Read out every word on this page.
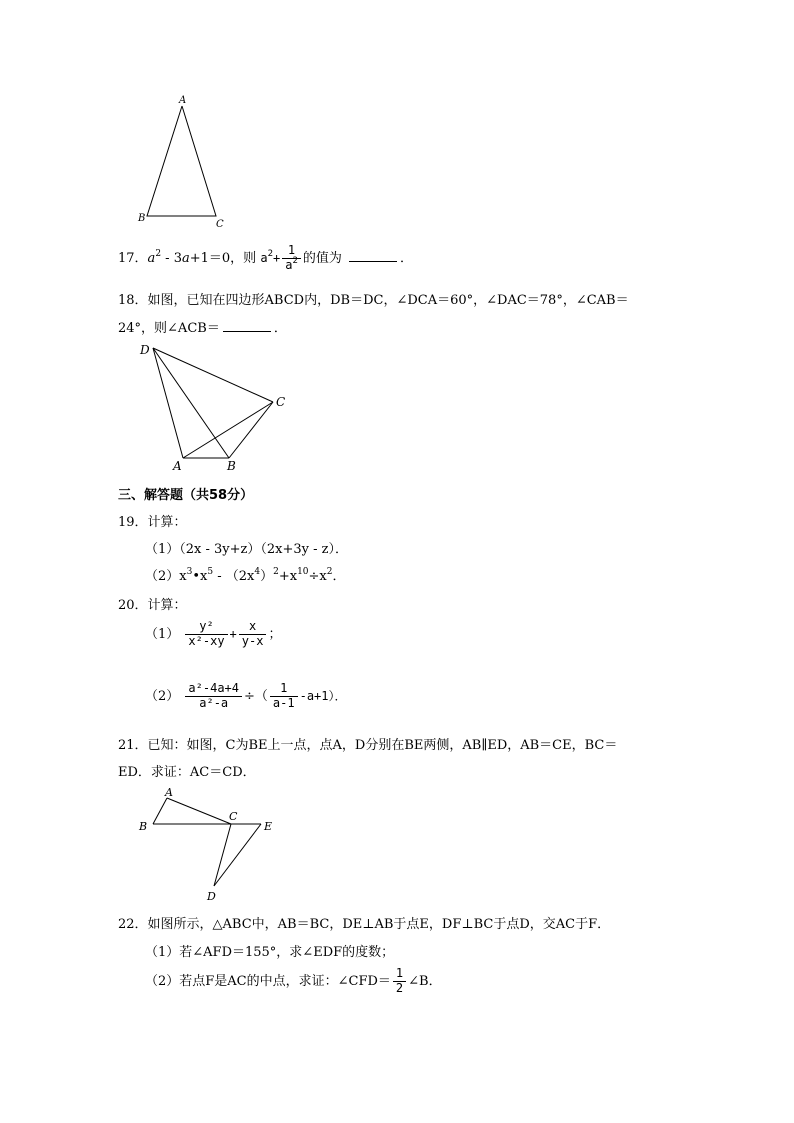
A
B
C
17．$a^2 - 3a+1=0$，则 $a^2+ \frac{1}{a^2}$ 的值为	．
18．如图，已知在四边形ABCD内，DB＝DC，∠DCA＝60°，∠DAC＝78°，∠CAB＝
24°，则∠ACB＝	．
D
C
A	B
三、解答题（共58分）
19．计算：
（1）（2x - 3y+z）（2x+3y - z）．
$(2)x^3•x^5 - (2x^4)^2+x^{10}\div x^2$．
20．计算：
$(1) \frac{\text{y²}}{\text{x²-xy}} + \frac{x}{y-x}$ ；
$(2) \frac{\text{a²-4a+4}}{\text{a²-a}}$ ÷（ $\frac{1}{a-1} -a+1$）．
21．已知：如图，C为BE上一点，点A，D分别在BE两侧，AB∥ED，AB＝CE，BC＝
ED．求证：AC＝CD．
A
B
C
E
D
22．如图所示，△ABC中，AB＝BC，DE⊥AB于点E，DF⊥BC于点D，交AC于F．
（1）若∠AFD＝155°，求∠EDF的度数；
（2）若点F是AC的中点，求证：∠CFD＝ $\frac{1}{2}$ ∠B．
